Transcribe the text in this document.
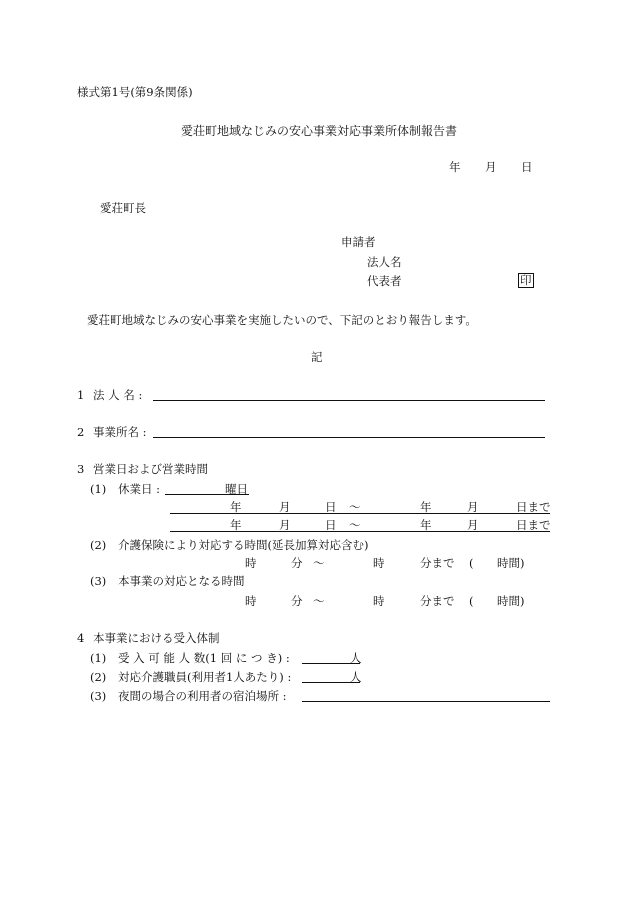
様式第1号(第9条関係)
愛荘町地域なじみの安心事業対応事業所体制報告書
年 月 日
愛荘町長
申請者
法人名
代表者	印
愛荘町地域なじみの安心事業を実施したいので、下記のとおり報告します。
記
1 法 人 名 :
2 事業所名 :
3 営業日および営業時間
(1) 休業日 :	曜日
年	月	日 〜	年	月	日まで
年	月	日 〜	年	月	日まで
(2) 介護保険により対応する時間(延長加算対応含む)
時	分 〜	時	分まで ( 時間)
(3) 本事業の対応となる時間
時	分 〜	時	分まで ( 時間)
4 本事業における受入体制
(1) 受 入 可 能 人 数(1 回 に つ き) :	人
(2) 対応介護職員(利用者1人あたり) :	人
(3) 夜間の場合の利用者の宿泊場所 :
